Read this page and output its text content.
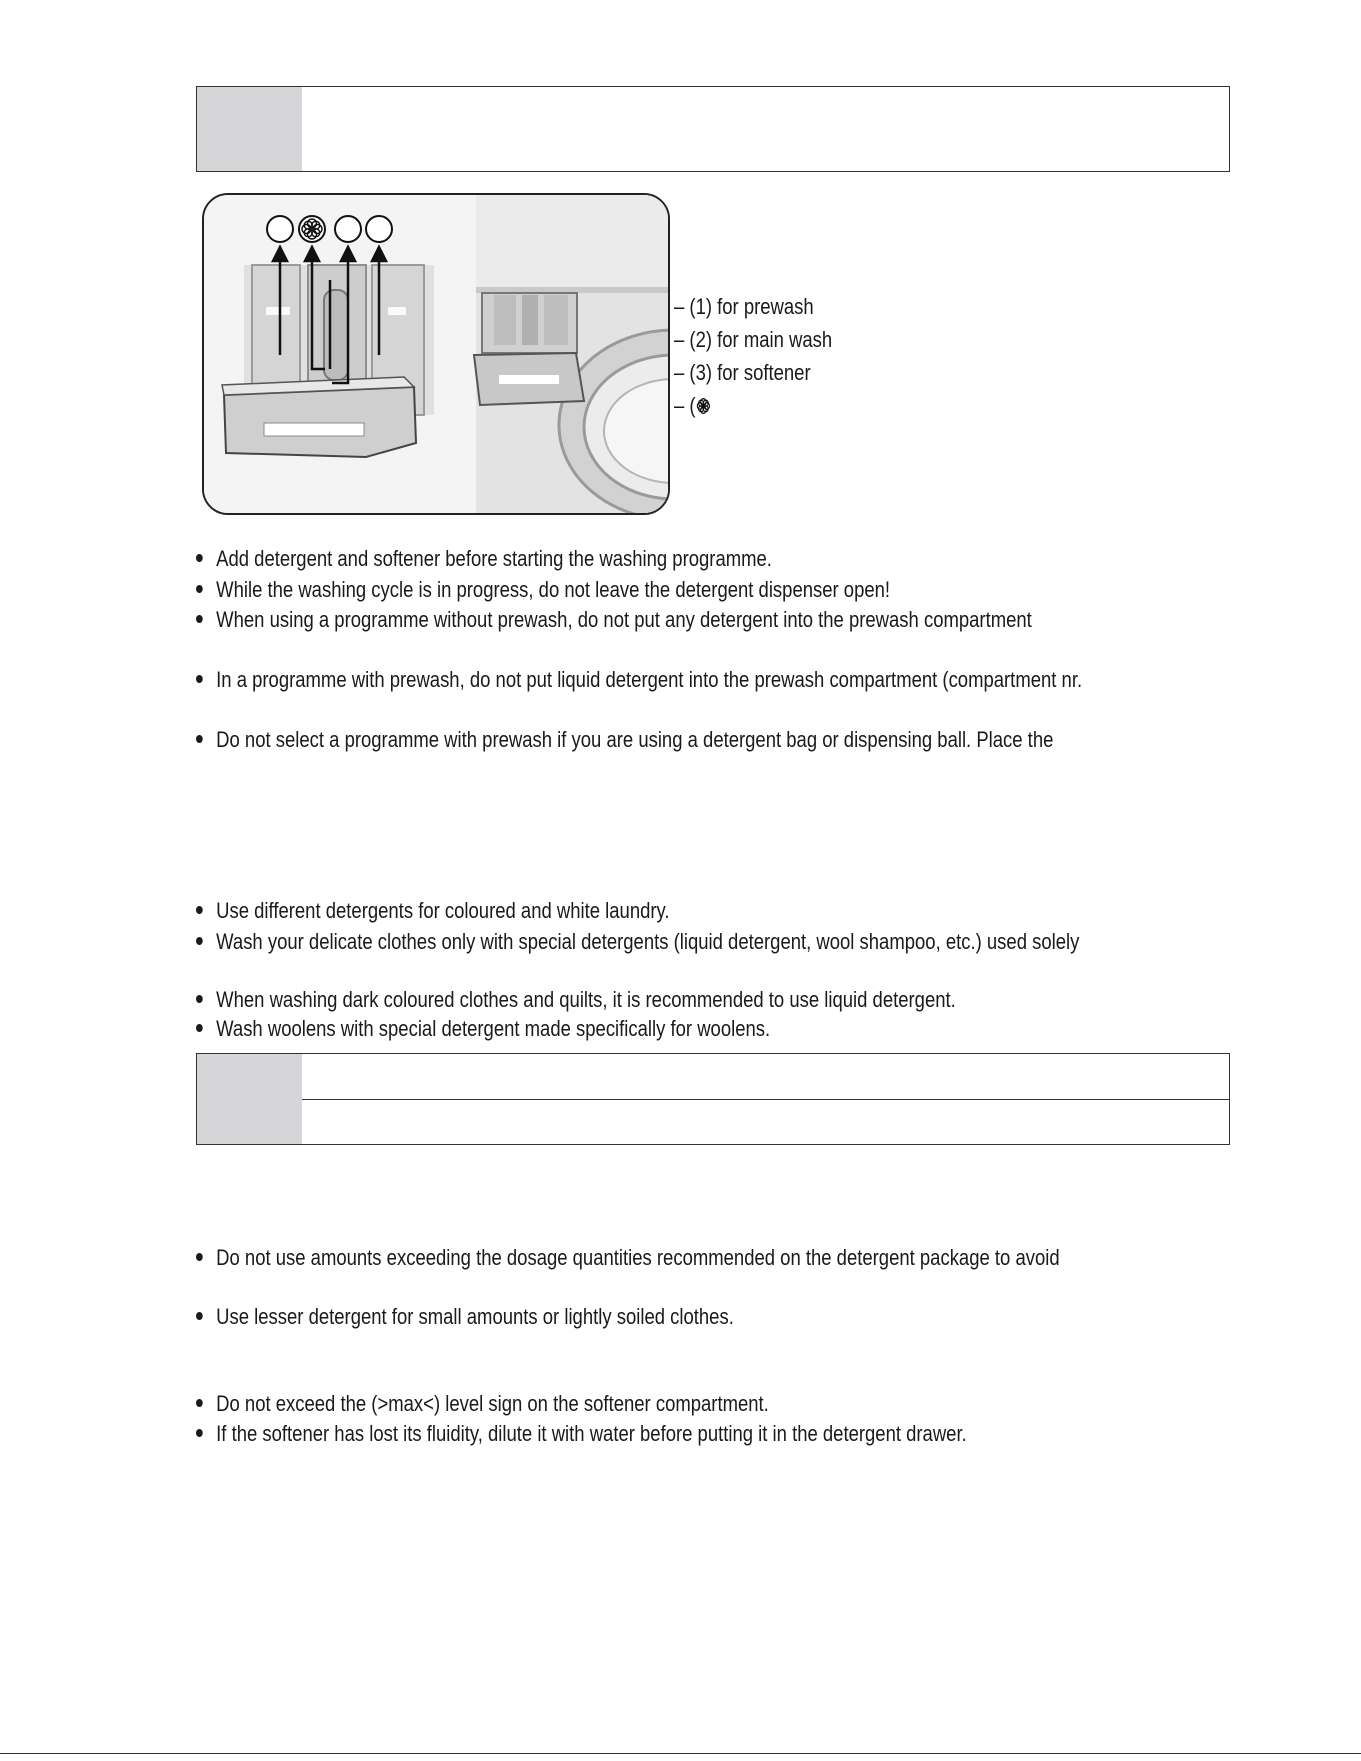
– (1) for prewash
– (2) for main wash
– (3) for softener
– (
Add detergent and softener before starting the washing programme.
While the washing cycle is in progress, do not leave the detergent dispenser open!
When using a programme without prewash, do not put any detergent into the prewash compartment
In a programme with prewash, do not put liquid detergent into the prewash compartment (compartment nr.
Do not select a programme with prewash if you are using a detergent bag or dispensing ball. Place the
Use different detergents for coloured and white laundry.
Wash your delicate clothes only with special detergents (liquid detergent, wool shampoo, etc.) used solely
When washing dark coloured clothes and quilts, it is recommended to use liquid detergent.
Wash woolens with special detergent made specifically for woolens.
Do not use amounts exceeding the dosage quantities recommended on the detergent package to avoid
Use lesser detergent for small amounts or lightly soiled clothes.
Do not exceed the (>max<) level sign on the softener compartment.
If the softener has lost its fluidity, dilute it with water before putting it in the detergent drawer.
